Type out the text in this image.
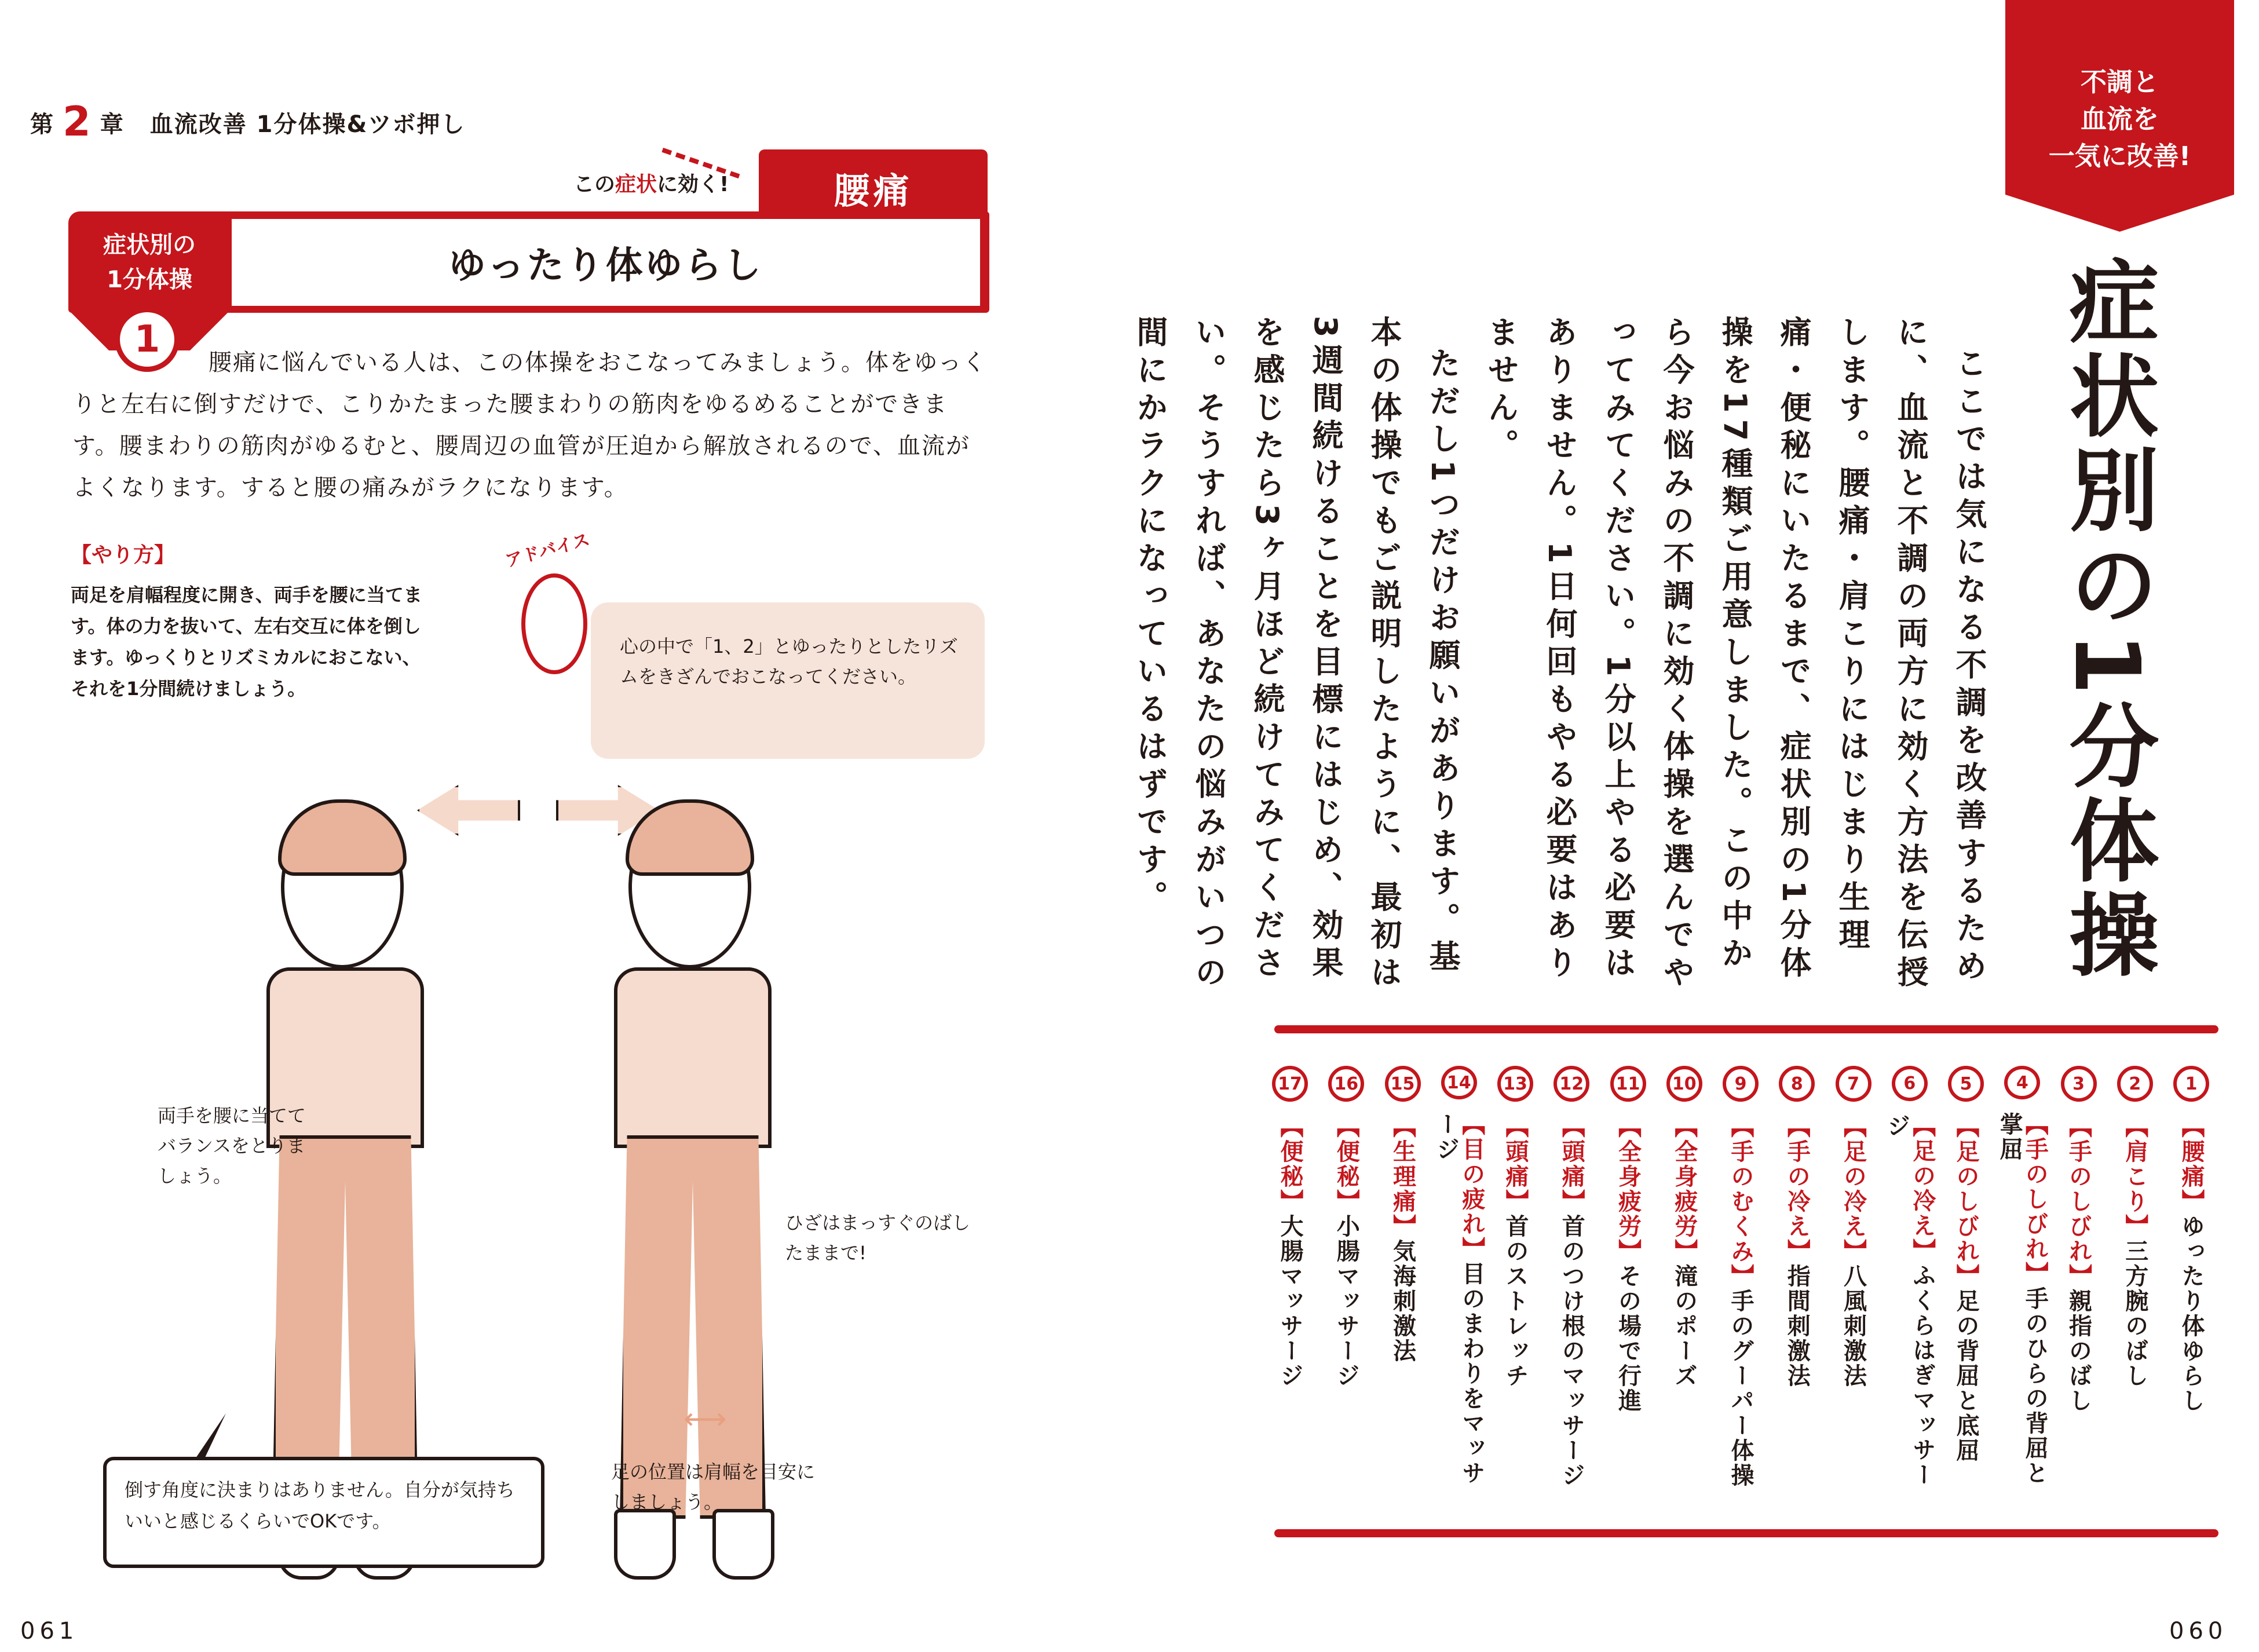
第 2 章 血流改善 1分体操&ツボ押し
この症状に効く!	腰痛
ゆったり体ゆらし
症状別の
1分体操
1
腰痛に悩んでいる人は、この体操をおこなってみましょう。体をゆっくりと左右に倒すだけで、こりかたまった腰まわりの筋肉をゆるめることができます。腰まわりの筋肉がゆるむと、腰周辺の血管が圧迫から解放されるので、血流がよくなります。すると腰の痛みがラクになります。
【やり方】
両足を肩幅程度に開き、両手を腰に当てます。体の力を抜いて、左右交互に体を倒します。ゆっくりとリズミカルにおこない、それを1分間続けましょう。
アドバイス
心の中で「1、2」とゆったりとしたリズムをきざんでおこなってください。
両手を腰に当ててバランスをとりましょう。
ひざはまっすぐのばしたままで!
⟷
足の位置は肩幅を目安にしましょう。
倒す角度に決まりはありません。自分が気持ちいいと感じるくらいでOKです。
061
不調と
血流を
一気に改善!
症状別の1分体操

ここでは気になる不調を改善するために、血流と不調の両方に効く方法を伝授します。腰痛・肩こりにはじまり生理痛・便秘にいたるまで、症状別の1分体操を17種類ご用意しました。この中から今お悩みの不調に効く体操を選んでやってみてください。1分以上やる必要はありません。1日何回もやる必要はありません。

ただし1つだけお願いがあります。基本の体操でもご説明したように、最初は3週間続けることを目標にはじめ、効果を感じたら3ヶ月ほど続けてみてください。そうすれば、あなたの悩みがいつの間にかラクになっているはずです。

1
【腰痛】ゆったり体ゆらし
2
【肩こり】三方腕のばし
3
【手のしびれ】親指のばし
4
【手のしびれ】手のひらの背屈と掌屈
5
【足のしびれ】足の背屈と底屈
6
【足の冷え】ふくらはぎマッサージ
7
【足の冷え】八風刺激法
8
【手の冷え】指間刺激法
9
【手のむくみ】手のグーパー体操
10
【全身疲労】滝のポーズ
11
【全身疲労】その場で行進
12
【頭痛】首のつけ根のマッサージ
13
【頭痛】首のストレッチ
14
【目の疲れ】目のまわりをマッサージ
15
【生理痛】気海刺激法
16
【便秘】小腸マッサージ
17
【便秘】大腸マッサージ
060
